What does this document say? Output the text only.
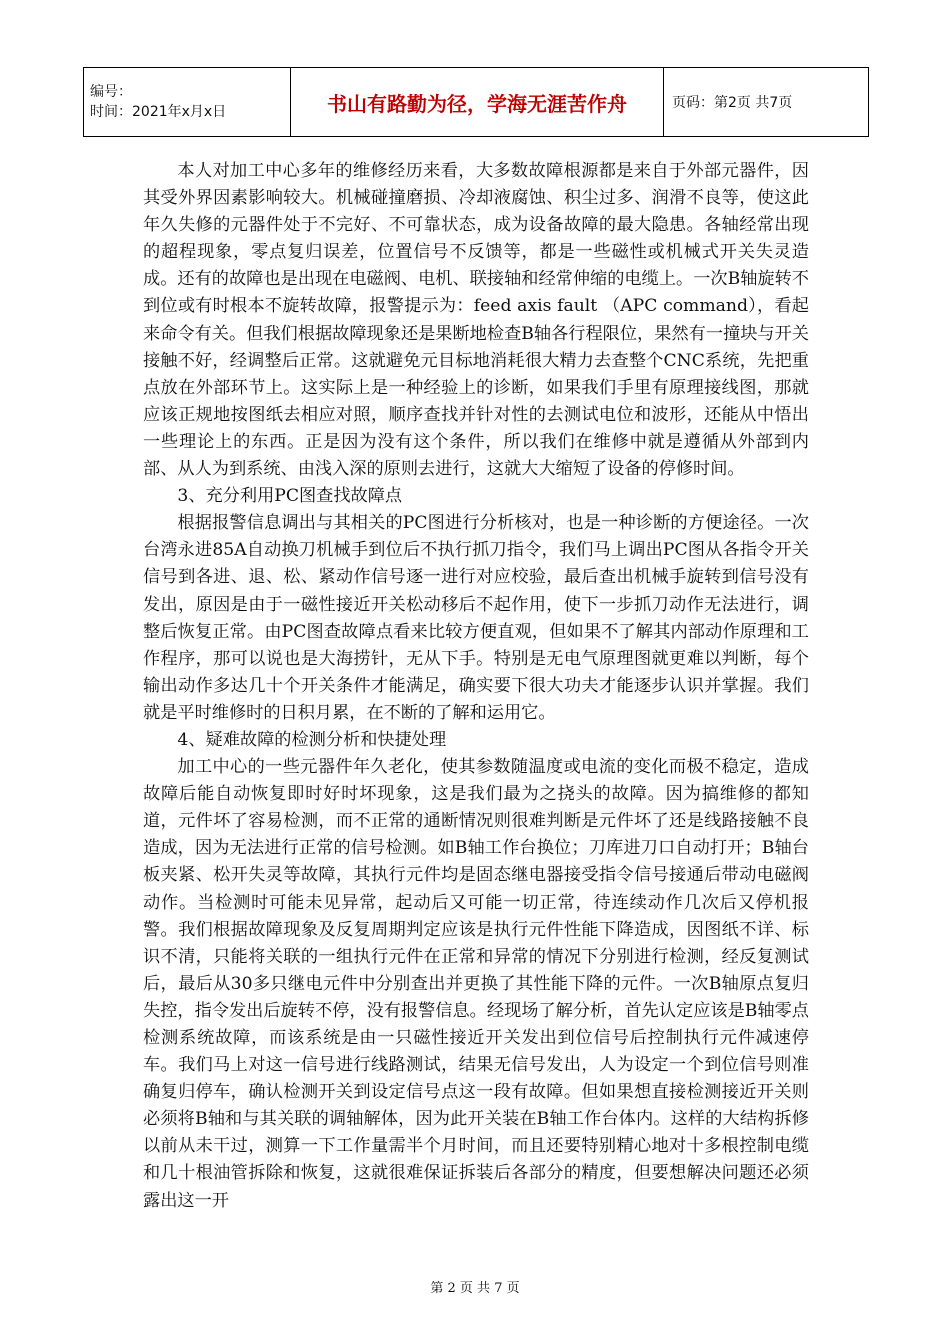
编号：
时间：2021年x月x日	书山有路勤为径，学海无涯苦作舟	页码：第2页 共7页

本人对加工中心多年的维修经历来看，大多数故障根源都是来自于外部元器件，因其受外界因素影响较大。机械碰撞磨损、冷却液腐蚀、积尘过多、润滑不良等，使这此年久失修的元器件处于不完好、不可靠状态，成为设备故障的最大隐患。各轴经常出现的超程现象，零点复归误差，位置信号不反馈等，都是一些磁性或机械式开关失灵造成。还有的故障也是出现在电磁阀、电机、联接轴和经常伸缩的电缆上。一次B轴旋转不到位或有时根本不旋转故障，报警提示为：feed axis fault （APC command），看起来命令有关。但我们根据故障现象还是果断地检查B轴各行程限位，果然有一撞块与开关接触不好，经调整后正常。这就避免元目标地消耗很大精力去查整个CNC系统，先把重点放在外部环节上。这实际上是一种经验上的诊断，如果我们手里有原理接线图，那就应该正规地按图纸去相应对照，顺序查找并针对性的去测试电位和波形，还能从中悟出一些理论上的东西。正是因为没有这个条件，所以我们在维修中就是遵循从外部到内部、从人为到系统、由浅入深的原则去进行，这就大大缩短了设备的停修时间。

3、充分利用PC图查找故障点

根据报警信息调出与其相关的PC图进行分析核对，也是一种诊断的方便途径。一次台湾永进85A自动换刀机械手到位后不执行抓刀指令，我们马上调出PC图从各指令开关信号到各进、退、松、紧动作信号逐一进行对应校验，最后查出机械手旋转到信号没有发出，原因是由于一磁性接近开关松动移后不起作用，使下一步抓刀动作无法进行，调整后恢复正常。由PC图查故障点看来比较方便直观，但如果不了解其内部动作原理和工作程序，那可以说也是大海捞针，无从下手。特别是无电气原理图就更难以判断，每个输出动作多达几十个开关条件才能满足，确实要下很大功夫才能逐步认识并掌握。我们就是平时维修时的日积月累，在不断的了解和运用它。

4、疑难故障的检测分析和快捷处理

加工中心的一些元器件年久老化，使其参数随温度或电流的变化而极不稳定，造成故障后能自动恢复即时好时坏现象，这是我们最为之挠头的故障。因为搞维修的都知道，元件坏了容易检测，而不正常的通断情况则很难判断是元件坏了还是线路接触不良造成，因为无法进行正常的信号检测。如B轴工作台换位；刀库进刀口自动打开；B轴台板夹紧、松开失灵等故障，其执行元件均是固态继电器接受指令信号接通后带动电磁阀动作。当检测时可能未见异常，起动后又可能一切正常，待连续动作几次后又停机报警。我们根据故障现象及反复周期判定应该是执行元件性能下降造成，因图纸不详、标识不清，只能将关联的一组执行元件在正常和异常的情况下分别进行检测，经反复测试后，最后从30多只继电元件中分别查出并更换了其性能下降的元件。一次B轴原点复归失控，指令发出后旋转不停，没有报警信息。经现场了解分析，首先认定应该是B轴零点检测系统故障，而该系统是由一只磁性接近开关发出到位信号后控制执行元件减速停车。我们马上对这一信号进行线路测试，结果无信号发出，人为设定一个到位信号则准确复归停车，确认检测开关到设定信号点这一段有故障。但如果想直接检测接近开关则必须将B轴和与其关联的调轴解体，因为此开关装在B轴工作台体内。这样的大结构拆修以前从未干过，测算一下工作量需半个月时间，而且还要特别精心地对十多根控制电缆和几十根油管拆除和恢复，这就很难保证拆装后各部分的精度，但要想解决问题还必须露出这一开

第 2 页 共 7 页
